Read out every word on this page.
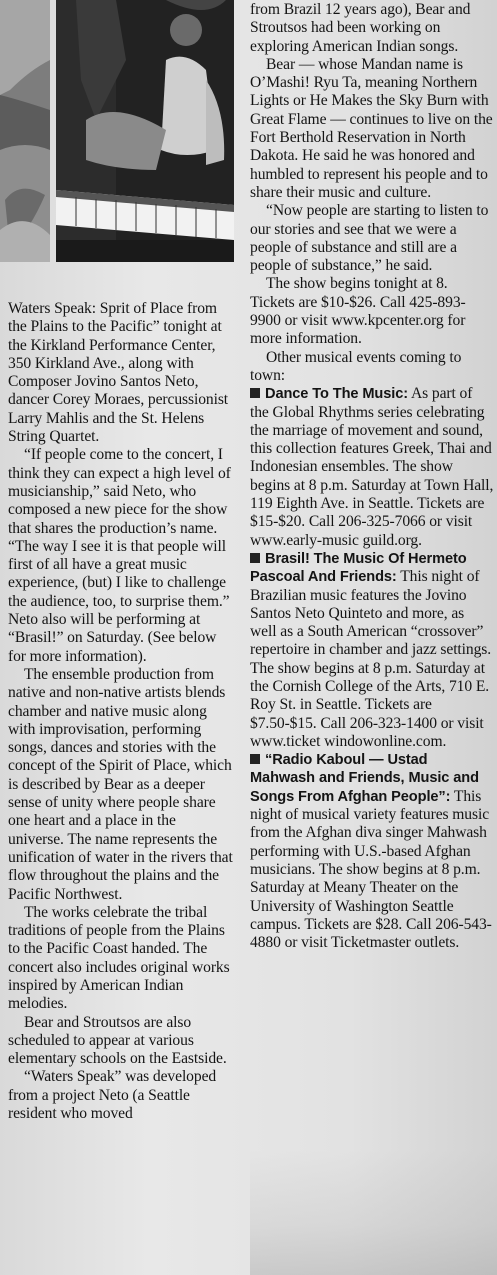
Waters Speak: Sprit of Place from the Plains to the Pacific” tonight at the Kirkland Performance Center, 350 Kirkland Ave., along with Composer Jovino Santos Neto, dancer Corey Moraes, percussionist Larry Mahlis and the St. Helens String Quartet.

“If people come to the concert, I think they can expect a high level of musicianship,” said Neto, who composed a new piece for the show that shares the production’s name. “The way I see it is that people will first of all have a great music experience, (but) I like to challenge the audience, too, to surprise them.” Neto also will be performing at “Brasil!” on Saturday. (See below for more information).

The ensemble production from native and non-native artists blends chamber and native music along with improvisation, performing songs, dances and stories with the concept of the Spirit of Place, which is described by Bear as a deeper sense of unity where people share one heart and a place in the universe. The name represents the unification of water in the rivers that flow throughout the plains and the Pacific Northwest.

The works celebrate the tribal traditions of people from the Plains to the Pacific Coast handed. The concert also includes original works inspired by American Indian melodies.

Bear and Stroutsos are also scheduled to appear at various elementary schools on the Eastside.

“Waters Speak” was developed from a project Neto (a Seattle resident who moved

from Brazil 12 years ago), Bear and Stroutsos had been working on exploring American Indian songs.

Bear — whose Mandan name is O’Mashi! Ryu Ta, meaning Northern Lights or He Makes the Sky Burn with Great Flame — continues to live on the Fort Berthold Reservation in North Dakota. He said he was honored and humbled to represent his people and to share their music and culture.

“Now people are starting to listen to our stories and see that we were a people of substance and still are a people of substance,” he said.

The show begins tonight at 8. Tickets are $10-$26. Call 425-893-9900 or visit www.kpcenter.org for more information.

Other musical events coming to town:

Dance To The Music: As part of the Global Rhythms series celebrating the marriage of movement and sound, this collection features Greek, Thai and Indonesian ensembles. The show begins at 8 p.m. Saturday at Town Hall, 119 Eighth Ave. in Seattle. Tickets are $15-$20. Call 206-325-7066 or visit www.early-music guild.org.

Brasil! The Music Of Hermeto Pascoal And Friends: This night of Brazilian music features the Jovino Santos Neto Quinteto and more, as well as a South American “crossover” repertoire in chamber and jazz settings. The show begins at 8 p.m. Saturday at the Cornish College of the Arts, 710 E. Roy St. in Seattle. Tickets are $7.50-$15. Call 206-323-1400 or visit www.ticket windowonline.com.

“Radio Kaboul — Ustad Mahwash and Friends, Music and Songs From Afghan People”: This night of musical variety features music from the Afghan diva singer Mahwash performing with U.S.-based Afghan musicians. The show begins at 8 p.m. Saturday at Meany Theater on the University of Washington Seattle campus. Tickets are $28. Call 206-543-4880 or visit Ticketmaster outlets.
